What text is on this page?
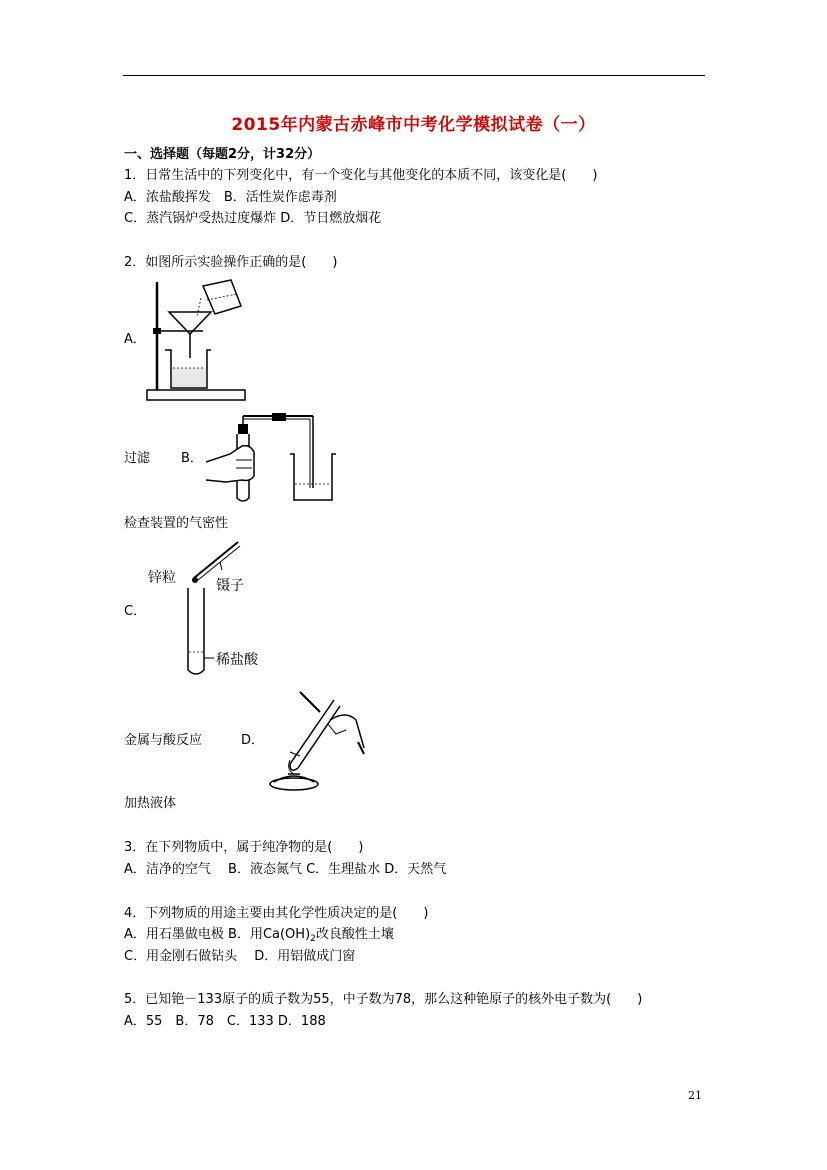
2015年内蒙古赤峰市中考化学模拟试卷（一）
一、选择题（每题2分，计32分）
1．日常生活中的下列变化中，有一个变化与其他变化的本质不同，该变化是(　　)
A．浓盐酸挥发　B．活性炭作虑毒剂
C．蒸汽锅炉受热过度爆炸 D．节日燃放烟花
2．如图所示实验操作正确的是(　　)
A．
过滤 B．
检查装置的气密性
C．
锌粒	镊子
稀盐酸
金属与酸反应	D．
加热液体
3．在下列物质中，属于纯净物的是(　　)
A．洁净的空气　 B．液态氮气 C．生理盐水 D．天然气
4．下列物质的用途主要由其化学性质决定的是(　　)
A．用石墨做电极 B．用$Ca(OH)_2$改良酸性土壤
C．用金刚石做钻头　 D．用铝做成门窗
5．已知铯－133原子的质子数为55，中子数为78，那么这种铯原子的核外电子数为(　　)
A．55　B．78　C．133 D．188
21
